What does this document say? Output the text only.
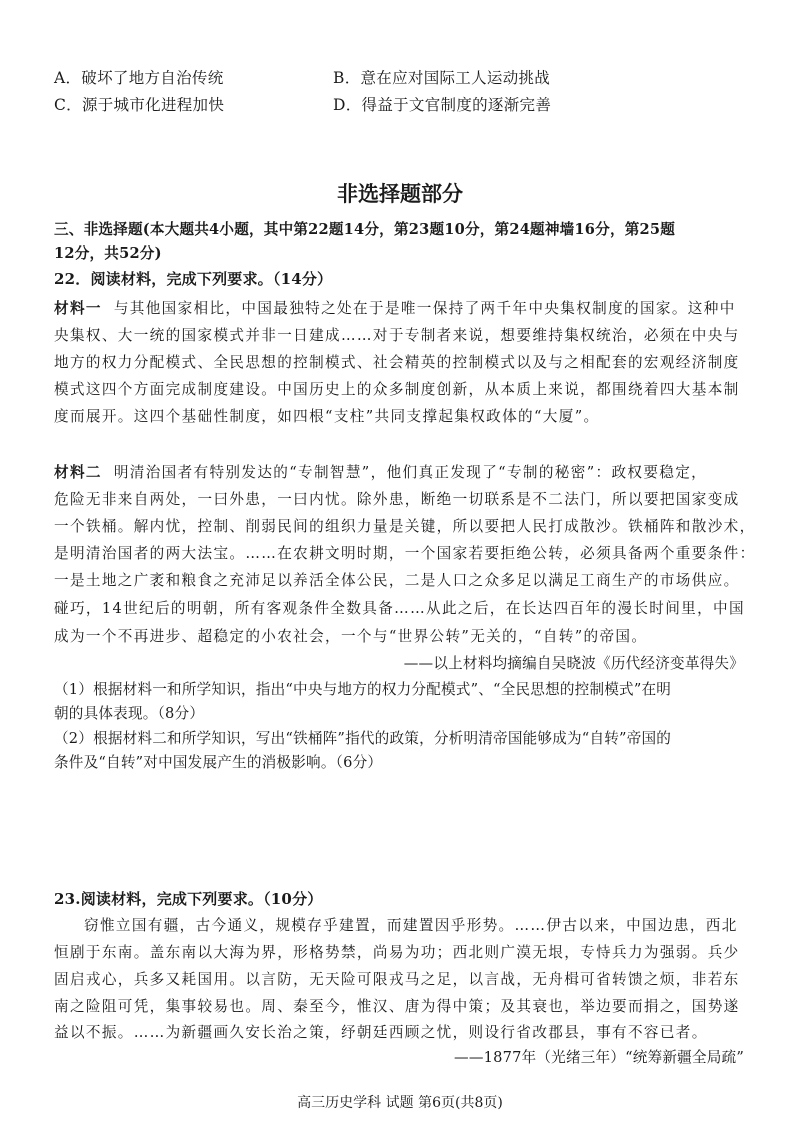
A．破坏了地方自治传统	B．意在应对国际工人运动挑战
C．源于城市化进程加快	D．得益于文官制度的逐渐完善
非选择题部分
三、非选择题(本大题共4小题，其中第22题14分，第23题10分，第24题神墙16分，第25题
12分，共52分)
22．阅读材料，完成下列要求。（14分）
材料一 与其他国家相比，中国最独特之处在于是唯一保持了两千年中央集权制度的国家。这种中
央集权、大一统的国家模式并非一日建成……对于专制者来说，想要维持集权统治，必须在中央与
地方的权力分配模式、全民思想的控制模式、社会精英的控制模式以及与之相配套的宏观经济制度
模式这四个方面完成制度建设。中国历史上的众多制度创新，从本质上来说，都围绕着四大基本制
度而展开。这四个基础性制度，如四根“支柱”共同支撑起集权政体的“大厦”。
材料二 明清治国者有特别发达的“专制智慧”，他们真正发现了“专制的秘密”：政权要稳定，
危险无非来自两处，一曰外患，一曰内忧。除外患，断绝一切联系是不二法门，所以要把国家变成
一个铁桶。解内忧，控制、削弱民间的组织力量是关键，所以要把人民打成散沙。铁桶阵和散沙术，
是明清治国者的两大法宝。……在农耕文明时期，一个国家若要拒绝公转，必须具备两个重要条件：
一是土地之广袤和粮食之充沛足以养活全体公民，二是人口之众多足以满足工商生产的市场供应。
碰巧，14世纪后的明朝，所有客观条件全数具备……从此之后，在长达四百年的漫长时间里，中国
成为一个不再进步、超稳定的小农社会，一个与“世界公转”无关的，“自转”的帝国。
——以上材料均摘编自吴晓波《历代经济变革得失》
（1）根据材料一和所学知识，指出“中央与地方的权力分配模式”、“全民思想的控制模式”在明
朝的具体表现。（8分）
（2）根据材料二和所学知识，写出“铁桶阵”指代的政策，分析明清帝国能够成为“自转”帝国的
条件及“自转”对中国发展产生的消极影响。（6分）
23.阅读材料，完成下列要求。（10分）
窃惟立国有疆，古今通义，规模存乎建置，而建置因乎形势。……伊古以来，中国边患，西北
恒剧于东南。盖东南以大海为界，形格势禁，尚易为功；西北则广漠无垠，专恃兵力为强弱。兵少
固启戎心，兵多又耗国用。以言防，无天险可限戎马之足，以言战，无舟楫可省转馈之烦，非若东
南之险阻可凭，集事较易也。周、秦至今，惟汉、唐为得中策；及其衰也，举边要而捐之，国势遂
益以不振。……为新疆画久安长治之策，纾朝廷西顾之忧，则设行省改郡县，事有不容已者。
——1877年（光绪三年）“统筹新疆全局疏”
高三历史学科 试题 第6页(共8页)
